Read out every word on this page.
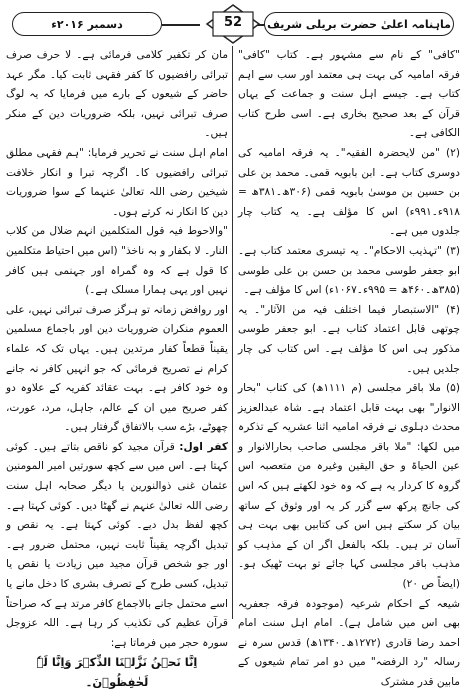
دسمبر ۲۰۱۶ء	52	ماہنامہ اعلیٰ حضرت بریلی شریف

"کافی" کے نام سے مشہور ہے۔ کتاب "کافی" فرقہ امامیہ کی بہت ہی معتمد اور سب سے اہم کتاب ہے۔ جیسے اہل سنت و جماعت کے یہاں قرآن کے بعد صحیح بخاری ہے۔ اسی طرح کتاب الکافی ہے۔

(۲) "من لایحضرہ الفقیہ"۔ یہ فرقہ امامیہ کی دوسری کتاب ہے۔ ابن بابویہ قمی۔ محمد بن علی بن حسین بن موسیٰ بابویہ قمی (۳۰۶ھ۔۳۸۱ھ = ۹۱۸ء۔۹۹۱ء) اس کا مؤلف ہے۔ یہ کتاب چار جلدوں میں ہے۔

(۳) "تہذیب الاحکام"۔ یہ تیسری معتمد کتاب ہے۔ ابو جعفر طوسی محمد بن حسن بن علی طوسی (۳۸۵ھ۔۴۶۰ھ = ۹۹۵ء۔۱۰۶۷ء) اس کا مؤلف ہے۔

(۴) "الاستبصار فیما اختلف فیہ من الآثار"۔ یہ چوتھی قابل اعتماد کتاب ہے۔ ابو جعفر طوسی مذکور ہی اس کا مؤلف ہے۔ اس کتاب کی چار جلدیں ہیں۔

(۵) ملا باقر مجلسی (م ۱۱۱۱ھ) کی کتاب "بحار الانوار" بھی بہت قابل اعتماد ہے۔ شاہ عبدالعزیز محدث دہلوی نے فرقہ امامیہ اثنا عشریہ کے تذکرہ میں لکھا: "ملا باقر مجلسی صاحب بحارالانوار و عین الحیاۃ و حق الیقین وغیرہ من متعصبہ اس گروہ کا کردار یہ ہے کہ وہ خود لکھتے ہیں کہ اس کی جانچ پرکھ سے گزر کر یہ اور وثوق کے ساتھ بیان کر سکتے ہیں اس کی کتابیں بھی بہت ہی آسان تر ہیں۔ بلکہ بالفعل اگر ان کے مذہب کو مذہب باقر مجلسی کہا جائے تو بہت ٹھیک ہو۔ (ایضاً ص ۲۰)

شیعہ کے احکام شرعیہ (موجودہ فرقہ جعفریہ بھی اس میں شامل ہے)۔ امام اہل سنت امام احمد رضا قادری (۱۲۷۲ھ۔۱۳۴۰ھ) قدس سرہ نے رسالہ "رد الرفضہ" میں دو امر تمام شیعوں کے مابین قدر مشترک

مان کر تکفیر کلامی فرمائی ہے۔ لا حرف صرف تبرائی رافضیوں کا کفر فقہی ثابت کیا۔ مگر عہد حاضر کے شیعوں کے بارے میں فرمایا کہ یہ لوگ صرف تبرائی نہیں، بلکہ ضروریات دین کے منکر ہیں۔

امام اہل سنت نے تحریر فرمایا: "ہم فقہی مطلق تبرائی رافضیوں کا۔ اگرچہ تبرا و انکار خلافت شیخین رضی اللہ تعالیٰ عنہما کے سوا ضروریات دین کا انکار نہ کرتے ہوں۔

"والاحوط فیہ قول المتکلمین انہم ضلال من کلاب النار۔ لا بکفار و بہ ناخذ" (اس میں احتیاط متکلمین کا قول ہے کہ وہ گمراہ اور جہنمی ہیں کافر نہیں اور یہی ہمارا مسلک ہے۔)

اور روافض زمانہ تو ہرگز صرف تبرائی نہیں، علی العموم منکران ضروریات دین اور باجماع مسلمین یقیناً قطعاً کفار مرتدین ہیں۔ یہاں تک کہ علماء کرام نے تصریح فرمائی کہ جو انہیں کافر نہ جانے وہ خود کافر ہے۔ بہت عقائد کفریہ کے علاوہ دو کفر صریح میں ان کے عالم، جاہل، مرد، عورت، چھوٹے، بڑے سب بالاتفاق گرفتار ہیں۔

کفر اول: قرآن مجید کو ناقص بتاتے ہیں۔ کوئی کہتا ہے۔ اس میں سے کچھ سورتیں امیر المومنین عثمان غنی ذوالنورین یا دیگر صحابہ اہل سنت رضی اللہ تعالیٰ عنہم نے گھٹا دیں۔ کوئی کہتا ہے۔ کچھ لفظ بدل دیے۔ کوئی کہتا ہے۔ یہ نقص و تبدیل اگرچہ یقیناً ثابت نہیں، محتمل ضرور ہے۔ اور جو شخص قرآن مجید میں زیادت یا نقص یا تبدیل، کسی طرح کے تصرف بشری کا دخل مانے یا اسے محتمل جانے بالاجماع کافر مرتد ہے کہ صراحتاً قرآن عظیم کی تکذیب کر رہا ہے۔ اللہ عزوجل سورہ حجر میں فرماتا ہے:

اِنَّا نَحۡنُ نَزَّلۡنَا الذِّکۡرَ وَاِنَّا لَہٗ لَحٰفِظُوۡنَ۔
